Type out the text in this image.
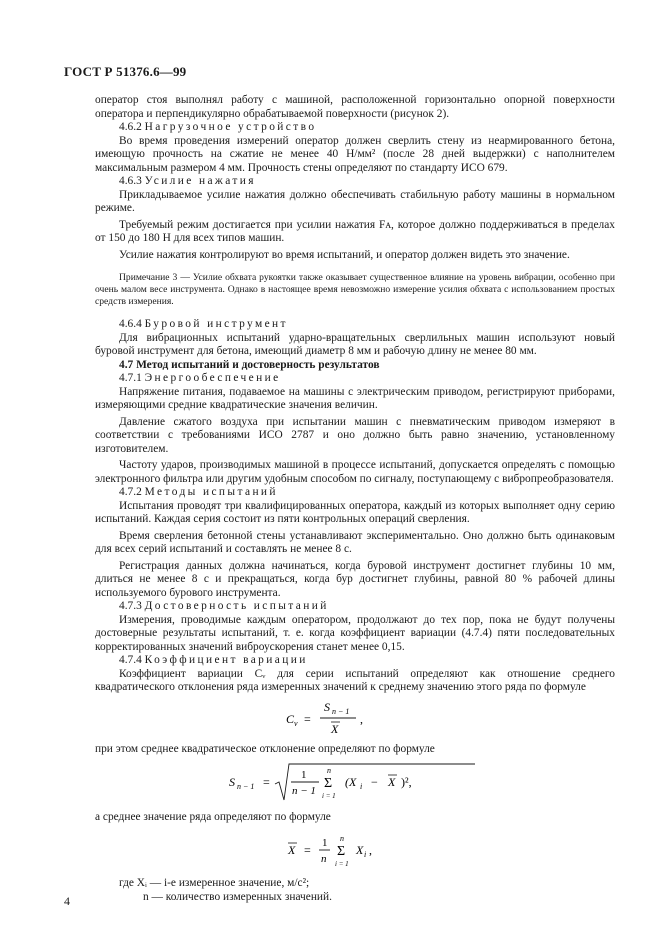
ГОСТ Р 51376.6—99

оператор стоя выполнял работу с машиной, расположенной горизонтально опорной поверхности оператора и перпендикулярно обрабатываемой поверхности (рисунок 2).

4.6.2 Нагрузочное устройство

Во время проведения измерений оператор должен сверлить стену из неармированного бетона, имеющую прочность на сжатие не менее 40 Н/мм² (после 28 дней выдержки) с наполнителем максимальным размером 4 мм. Прочность стены определяют по стандарту ИСО 679.

4.6.3 Усилие нажатия

Прикладываемое усилие нажатия должно обеспечивать стабильную работу машины в нормальном режиме.

Требуемый режим достигается при усилии нажатия Fᴀ, которое должно поддерживаться в пределах от 150 до 180 Н для всех типов машин.

Усилие нажатия контролируют во время испытаний, и оператор должен видеть это значение.

Примечание 3 — Усилие обхвата рукоятки также оказывает существенное влияние на уровень вибрации, особенно при очень малом весе инструмента. Однако в настоящее время невозможно измерение усилия обхвата с использованием простых средств измерения.

4.6.4 Буровой инструмент

Для вибрационных испытаний ударно-вращательных сверлильных машин используют новый буровой инструмент для бетона, имеющий диаметр 8 мм и рабочую длину не менее 80 мм.

4.7 Метод испытаний и достоверность результатов

4.7.1 Энергообеспечение

Напряжение питания, подаваемое на машины с электрическим приводом, регистрируют приборами, измеряющими средние квадратические значения величин.

Давление сжатого воздуха при испытании машин с пневматическим приводом измеряют в соответствии с требованиями ИСО 2787 и оно должно быть равно значению, установленному изготовителем.

Частоту ударов, производимых машиной в процессе испытаний, допускается определять с помощью электронного фильтра или другим удобным способом по сигналу, поступающему с вибропреобразователя.

4.7.2 Методы испытаний

Испытания проводят три квалифицированных оператора, каждый из которых выполняет одну серию испытаний. Каждая серия состоит из пяти контрольных операций сверления.

Время сверления бетонной стены устанавливают экспериментально. Оно должно быть одинаковым для всех серий испытаний и составлять не менее 8 с.

Регистрация данных должна начинаться, когда буровой инструмент достигнет глубины 10 мм, длиться не менее 8 с и прекращаться, когда бур достигнет глубины, равной 80 % рабочей длины используемого бурового инструмента.

4.7.3 Достоверность испытаний

Измерения, проводимые каждым оператором, продолжают до тех пор, пока не будут получены достоверные результаты испытаний, т. е. когда коэффициент вариации (4.7.4) пяти последовательных корректированных значений виброускорения станет менее 0,15.

4.7.4 Коэффициент вариации

Коэффициент вариации Cᵥ для серии испытаний определяют как отношение среднего квадратического отклонения ряда измеренных значений к среднему значению этого ряда по формуле

C v =
S n − 1
X
,

при этом среднее квадратическое отклонение определяют по формуле

S n − 1 =	1
n − 1
n
Σ
i = 1
(X i − X )²,

а среднее значение ряда определяют по формуле

X = 1
n
n
Σ
i = 1
X i ,

где Xᵢ — i-е измеренное значение, м/с²;

n — количество измеренных значений.

4
